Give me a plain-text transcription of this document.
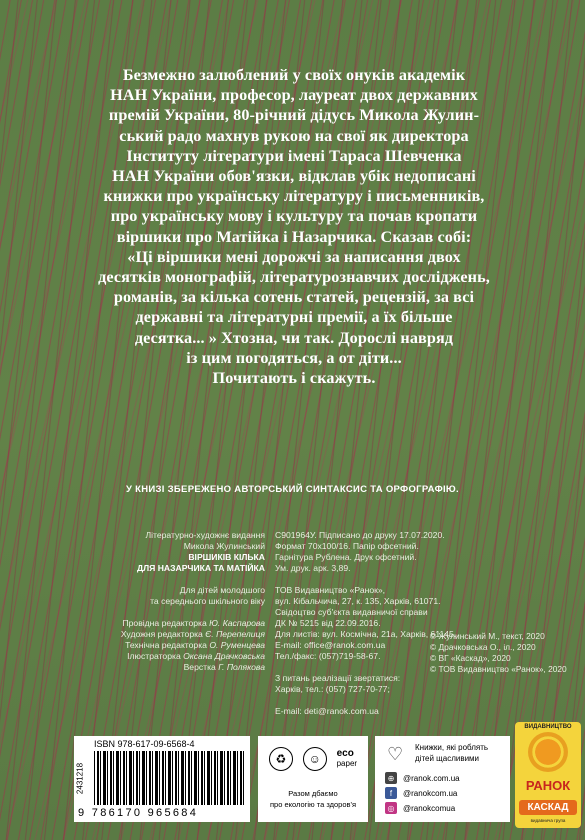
Безмежно залюблений у своїх онуків академік
НАН України, професор, лауреат двох державних
премій України, 80-річний дідусь Микола Жулин-
ський радо махнув рукою на свої як директора
Інституту літератури імені Тараса Шевченка
НАН України обов'язки, відклав убік недописані
книжки про українську літературу і письменників,
про українську мову і культуру та почав кропати
віршики про Матійка і Назарчика. Сказав собі:
«Ці віршики мені дорожчі за написання двох
десятків монографій, літературознавчих досліджень,
романів, за кілька сотень статей, рецензій, за всі
державні та літературні премії, а їх більше
десятка... » Хтозна, чи так. Дорослі навряд
із цим погодяться, а от діти...
Почитають і скажуть.
У КНИЗІ ЗБЕРЕЖЕНО АВТОРСЬКИЙ СИНТАКСИС ТА ОРФОГРАФІЮ.
Літературно-художнє видання
Микола Жулинський
ВІРШИКІВ КІЛЬКА
ДЛЯ НАЗАРЧИКА ТА МАТІЙКА

Для дітей молодшого
та середнього шкільного віку

Провідна редакторка Ю. Каспарова
Художня редакторка Є. Перепелиця
Технічна редакторка О. Руменцева
Ілюстраторка Оксана Драчковська
Верстка Г. Полякова
С901964У. Підписано до друку 17.07.2020.
Формат 70х100/16. Папір офсетний.
Гарнітура Рублена. Друк офсетний.
Ум. друк. арк. 3,89.

ТОВ Видавництво «Ранок»,
вул. Кібальчича, 27, к. 135, Харків, 61071.
Свідоцтво суб'єкта видавничої справи
ДК № 5215 від 22.09.2016.
Для листів: вул. Космічна, 21а, Харків, 61145.
E-mail: office@ranok.com.ua
Тел./факс: (057)719-58-67.

З питань реалізації звертатися:
Харків, тел.: (057) 727-70-77;

E-mail: deti@ranok.com.ua
© Жулинський М., текст, 2020
© Драчковська О., іл., 2020
© ВГ «Каскад», 2020
© ТОВ Видавництво «Ранок», 2020
ISBN 978-617-09-6568-4
2431218
9 786170 965684
♻	☺	eco
paper
Разом дбаємо
про екологію та здоров'я
♡ Книжки, які роблять
дітей щасливими
⊕	@ranok.com.ua
f	@ranokcom.ua
◎	@ranokcomua
ВИДАВНИЦТВО
РАНОК
КАСКАД
видавнича група
